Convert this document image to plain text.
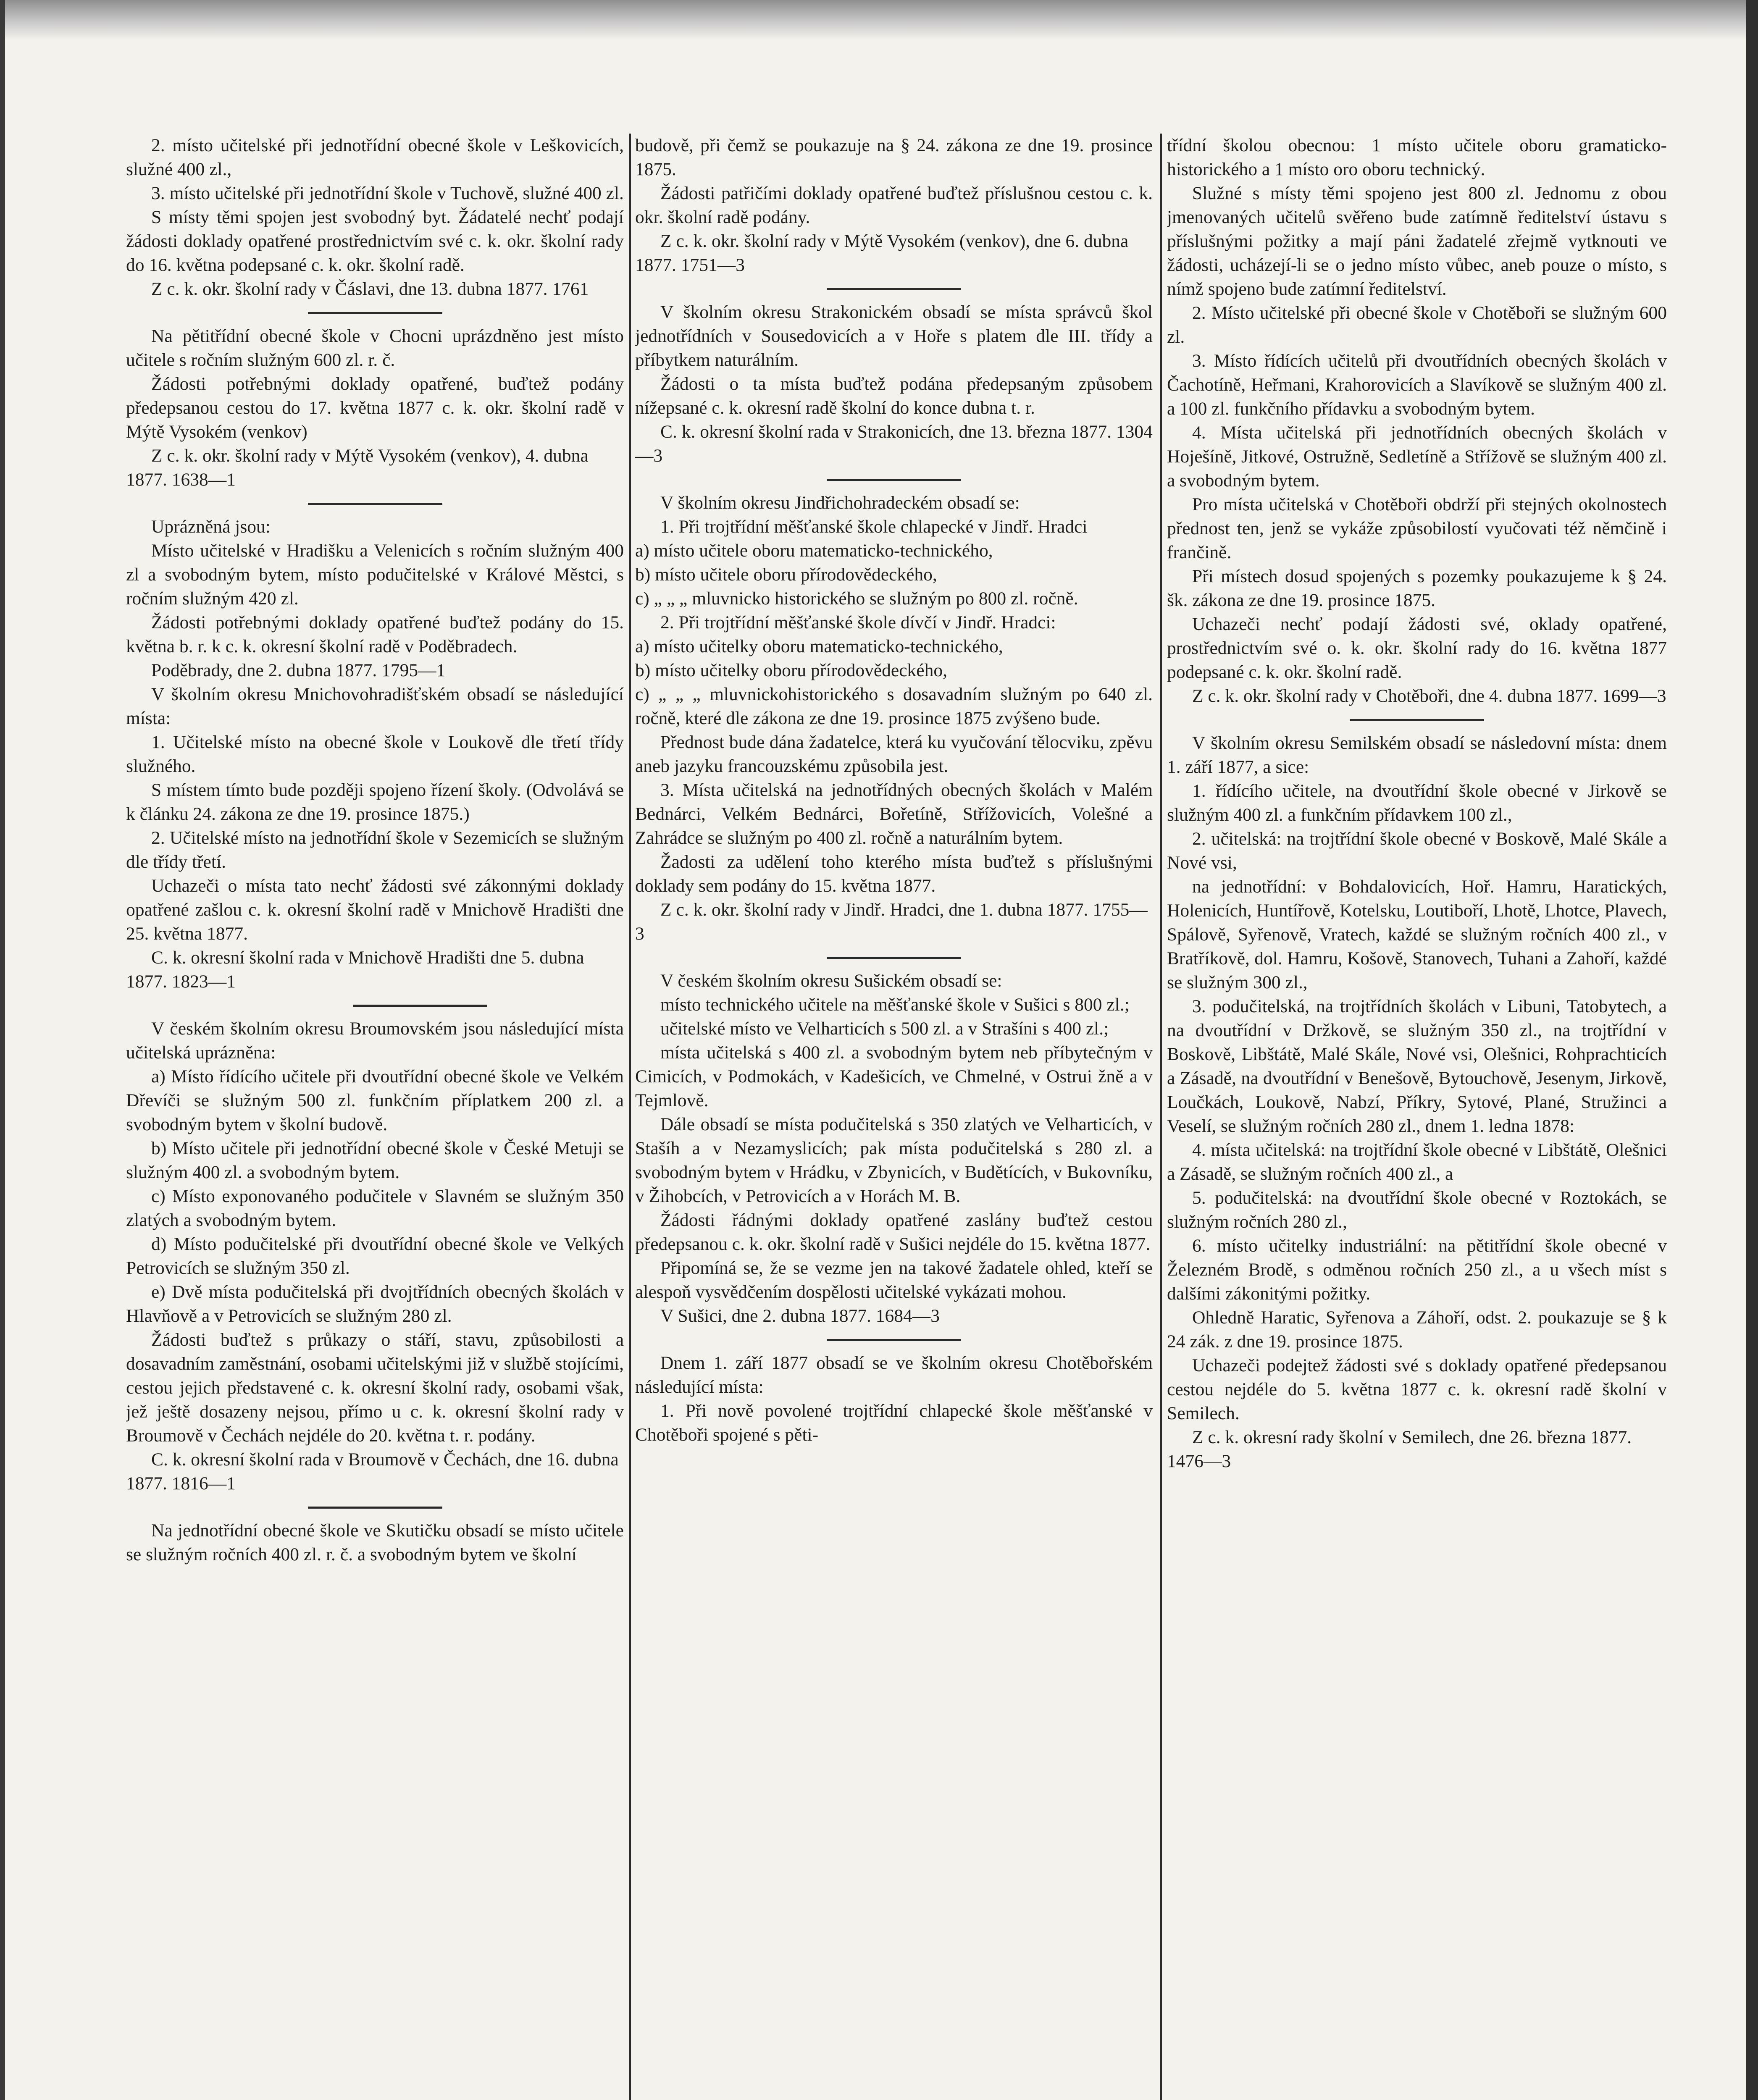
2. místo učitelské při jednotřídní obecné škole v Leškovicích, služné 400 zl.,

3. místo učitelské při jednotřídní škole v Tuchově, služné 400 zl.

S místy těmi spojen jest svobodný byt. Žádatelé nechť podají žádosti doklady opatřené prostřednictvím své c. k. okr. školní rady do 16. května podepsané c. k. okr. školní radě.

Z c. k. okr. školní rady v Čáslavi, dne 13. dubna 1877. 1761

Na pětitřídní obecné škole v Chocni uprázdněno jest místo učitele s ročním služným 600 zl. r. č.

Žádosti potřebnými doklady opatřené, buďtež podány předepsanou cestou do 17. května 1877 c. k. okr. školní radě v Mýtě Vysokém (venkov)

Z c. k. okr. školní rady v Mýtě Vysokém (venkov), 4. dubna 1877. 1638—1

Uprázněná jsou:

Místo učitelské v Hradišku a Velenicích s ročním služným 400 zl a svobodným bytem, místo podučitelské v Králové Městci, s ročním služným 420 zl.

Žádosti potřebnými doklady opatřené buďtež podány do 15. května b. r. k c. k. okresní školní radě v Poděbradech.

Poděbrady, dne 2. dubna 1877. 1795—1

V školním okresu Mnichovohradišťském obsadí se následující místa:

1. Učitelské místo na obecné škole v Loukově dle třetí třídy služného.

S místem tímto bude později spojeno řízení školy. (Odvolává se k článku 24. zákona ze dne 19. prosince 1875.)

2. Učitelské místo na jednotřídní škole v Sezemicích se služným dle třídy třetí.

Uchazeči o místa tato nechť žádosti své zákonnými doklady opatřené zašlou c. k. okresní školní radě v Mnichově Hradišti dne 25. května 1877.

C. k. okresní školní rada v Mnichově Hradišti dne 5. dubna 1877. 1823—1

V českém školním okresu Broumovském jsou následující místa učitelská uprázněna:

a) Místo řídícího učitele při dvoutřídní obecné škole ve Velkém Dřevíči se služným 500 zl. funkčním příplatkem 200 zl. a svobodným bytem v školní budově.

b) Místo učitele při jednotřídní obecné škole v České Metuji se služným 400 zl. a svobodným bytem.

c) Místo exponovaného podučitele v Slavném se služným 350 zlatých a svobodným bytem.

d) Místo podučitelské při dvoutřídní obecné škole ve Velkých Petrovicích se služným 350 zl.

e) Dvě místa podučitelská při dvojtřídních obecných školách v Hlavňově a v Petrovicích se služným 280 zl.

Žádosti buďtež s průkazy o stáří, stavu, způsobilosti a dosavadním zaměstnání, osobami učitelskými již v službě stojícími, cestou jejich představené c. k. okresní školní rady, osobami však, jež ještě dosazeny nejsou, přímo u c. k. okresní školní rady v Broumově v Čechách nejdéle do 20. května t. r. podány.

C. k. okresní školní rada v Broumově v Čechách, dne 16. dubna 1877. 1816—1

Na jednotřídní obecné škole ve Skutičku obsadí se místo učitele se služným ročních 400 zl. r. č. a svobodným bytem ve školní

budově, při čemž se poukazuje na § 24. zákona ze dne 19. prosince 1875.

Žádosti patřičími doklady opatřené buďtež příslušnou cestou c. k. okr. školní radě podány.

Z c. k. okr. školní rady v Mýtě Vysokém (venkov), dne 6. dubna 1877. 1751—3

V školním okresu Strakonickém obsadí se místa správců škol jednotřídních v Sousedovicích a v Hoře s platem dle III. třídy a příbytkem naturálním.

Žádosti o ta místa buďtež podána předepsaným způsobem nížepsané c. k. okresní radě školní do konce dubna t. r.

C. k. okresní školní rada v Strakonicích, dne 13. března 1877. 1304—3

V školním okresu Jindřichohradeckém obsadí se:

1. Při trojtřídní měšťanské škole chlapecké v Jindř. Hradci

a) místo učitele oboru matematicko-technického,

b) místo učitele oboru přírodovědeckého,

c) „ „ „ mluvnicko historického se služným po 800 zl. ročně.

2. Při trojtřídní měšťanské škole dívčí v Jindř. Hradci:

a) místo učitelky oboru matematicko-technického,

b) místo učitelky oboru přírodovědeckého,

c) „ „ „ mluvnickohistorického s dosavadním služným po 640 zl. ročně, které dle zákona ze dne 19. prosince 1875 zvýšeno bude.

Přednost bude dána žadatelce, která ku vyučování tělocviku, zpěvu aneb jazyku francouzskému způsobila jest.

3. Místa učitelská na jednotřídných obecných školách v Malém Bednárci, Velkém Bednárci, Bořetíně, Střížovicích, Volešné a Zahrádce se služným po 400 zl. ročně a naturálním bytem.

Žadosti za udělení toho kterého místa buďtež s příslušnými doklady sem podány do 15. května 1877.

Z c. k. okr. školní rady v Jindř. Hradci, dne 1. dubna 1877. 1755—3

V českém školním okresu Sušickém obsadí se:

místo technického učitele na měšťanské škole v Sušici s 800 zl.;

učitelské místo ve Velharticích s 500 zl. a v Strašíni s 400 zl.;

místa učitelská s 400 zl. a svobodným bytem neb příbytečným v Cimicích, v Podmokách, v Kadešicích, ve Chmelné, v Ostrui žně a v Tejmlově.

Dále obsadí se místa podučitelská s 350 zlatých ve Velharticích, v Stašíh a v Nezamyslicích; pak místa podučitelská s 280 zl. a svobodným bytem v Hrádku, v Zbynicích, v Budětících, v Bukovníku, v Žihobcích, v Petrovicích a v Horách M. B.

Žádosti řádnými doklady opatřené zaslány buďtež cestou předepsanou c. k. okr. školní radě v Sušici nejdéle do 15. května 1877.

Připomíná se, že se vezme jen na takové žadatele ohled, kteří se alespoň vysvědčením dospělosti učitelské vykázati mohou.

V Sušici, dne 2. dubna 1877. 1684—3

Dnem 1. září 1877 obsadí se ve školním okresu Chotěbořském následující místa:

1. Při nově povolené trojtřídní chlapecké škole měšťanské v Chotěboři spojené s pěti-

třídní školou obecnou: 1 místo učitele oboru gramaticko-historického a 1 místo oro oboru technický.

Služné s místy těmi spojeno jest 800 zl. Jednomu z obou jmenovaných učitelů svěřeno bude zatímně ředitelství ústavu s příslušnými požitky a mají páni žadatelé zřejmě vytknouti ve žádosti, ucházejí-li se o jedno místo vůbec, aneb pouze o místo, s nímž spojeno bude zatímní ředitelství.

2. Místo učitelské při obecné škole v Chotěboři se služným 600 zl.

3. Místo řídících učitelů při dvoutřídních obecných školách v Čachotíně, Heřmani, Krahorovicích a Slavíkově se služným 400 zl. a 100 zl. funkčního přídavku a svobodným bytem.

4. Místa učitelská při jednotřídních obecných školách v Hoješíně, Jitkové, Ostružně, Sedletíně a Střížově se služným 400 zl. a svobodným bytem.

Pro místa učitelská v Chotěboři obdrží při stejných okolnostech přednost ten, jenž se vykáže způsobilostí vyučovati též němčině i frančině.

Při místech dosud spojených s pozemky poukazujeme k § 24. šk. zákona ze dne 19. prosince 1875.

Uchazeči nechť podají žádosti své, oklady opatřené, prostřednictvím své o. k. okr. školní rady do 16. května 1877 podepsané c. k. okr. školní radě.

Z c. k. okr. školní rady v Chotěboři, dne 4. dubna 1877. 1699—3

V školním okresu Semilském obsadí se následovní místa: dnem 1. září 1877, a sice:

1. řídícího učitele, na dvoutřídní škole obecné v Jirkově se služným 400 zl. a funkčním přídavkem 100 zl.,

2. učitelská: na trojtřídní škole obecné v Boskově, Malé Skále a Nové vsi,

na jednotřídní: v Bohdalovicích, Hoř. Hamru, Haratických, Holenicích, Huntířově, Kotelsku, Loutiboří, Lhotě, Lhotce, Plavech, Spálově, Syřenově, Vratech, každé se služným ročních 400 zl., v Bratříkově, dol. Hamru, Košově, Stanovech, Tuhani a Zahoří, každé se služným 300 zl.,

3. podučitelská, na trojtřídních školách v Libuni, Tatobytech, a na dvoutřídní v Držkově, se služným 350 zl., na trojtřídní v Boskově, Libštátě, Malé Skále, Nové vsi, Olešnici, Rohprachticích a Zásadě, na dvoutřídní v Benešově, Bytouchově, Jesenym, Jirkově, Loučkách, Loukově, Nabzí, Příkry, Sytové, Plané, Stružinci a Veselí, se služným ročních 280 zl., dnem 1. ledna 1878:

4. místa učitelská: na trojtřídní škole obecné v Libštátě, Olešnici a Zásadě, se služným ročních 400 zl., a

5. podučitelská: na dvoutřídní škole obecné v Roztokách, se služným ročních 280 zl.,

6. místo učitelky industriální: na pětitřídní škole obecné v Železném Brodě, s odměnou ročních 250 zl., a u všech míst s dalšími zákonitými požitky.

Ohledně Haratic, Syřenova a Záhoří, odst. 2. poukazuje se § k 24 zák. z dne 19. prosince 1875.

Uchazeči podejtež žádosti své s doklady opatřené předepsanou cestou nejdéle do 5. května 1877 c. k. okresní radě školní v Semilech.

Z c. k. okresní rady školní v Semilech, dne 26. března 1877. 1476—3
